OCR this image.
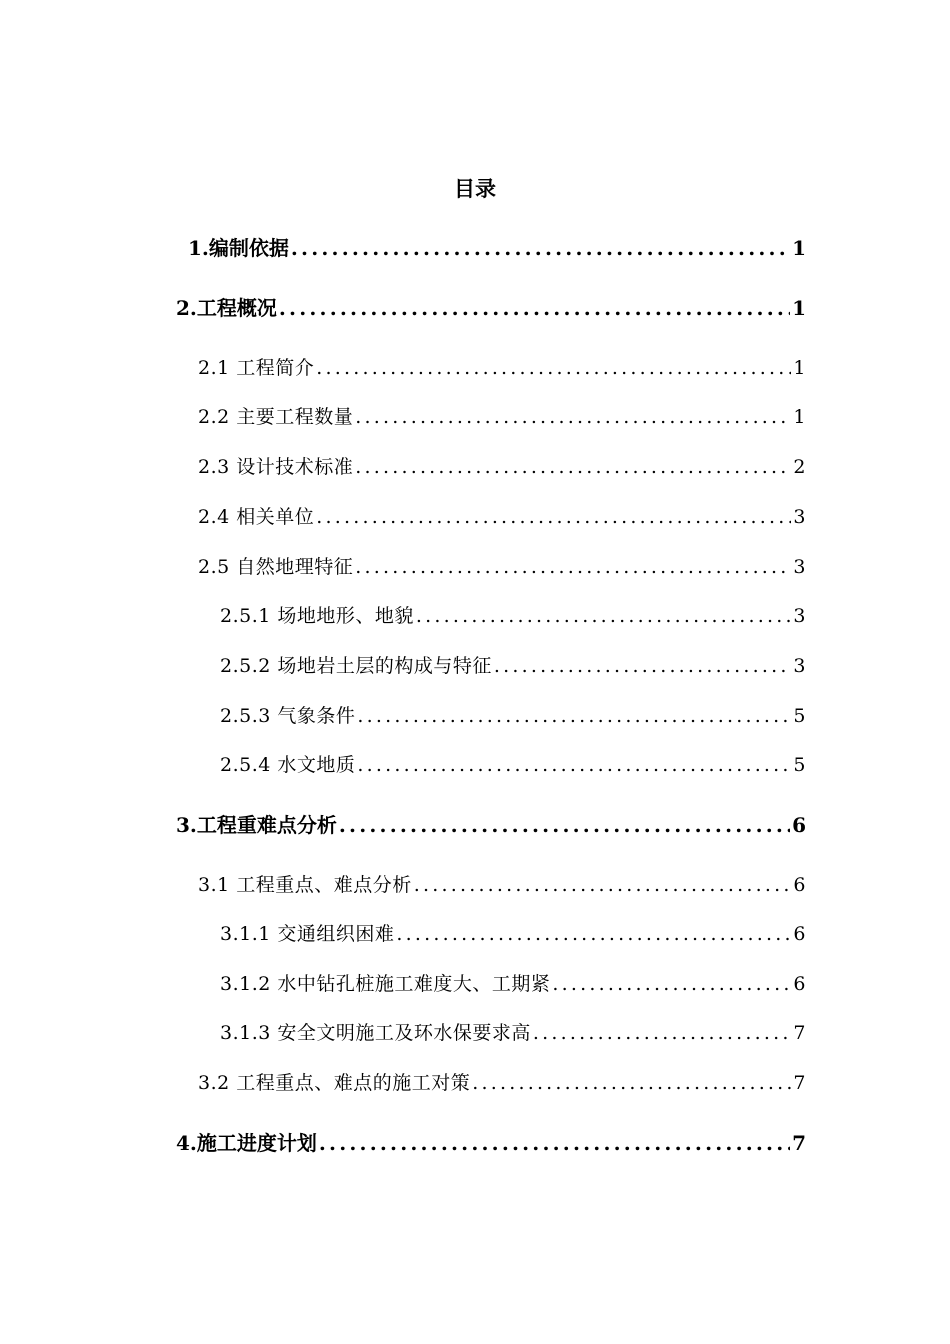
目录
1.编制依据 .....	1
2.工程概况 .....	1
2.1 工程简介 .....	1
2.2 主要工程数量 .....	1
2.3 设计技术标准 .....	2
2.4 相关单位 .....	3
2.5 自然地理特征 .....	3
2.5.1 场地地形、地貌 .....	3
2.5.2 场地岩土层的构成与特征 .....	3
2.5.3 气象条件 .....	5
2.5.4 水文地质 .....	5
3.工程重难点分析 .....	6
3.1 工程重点、难点分析 .....	6
3.1.1 交通组织困难 .....	6
3.1.2 水中钻孔桩施工难度大、工期紧 .....	6
3.1.3 安全文明施工及环水保要求高 .....	7
3.2 工程重点、难点的施工对策 .....	7
4.施工进度计划 .....	7
